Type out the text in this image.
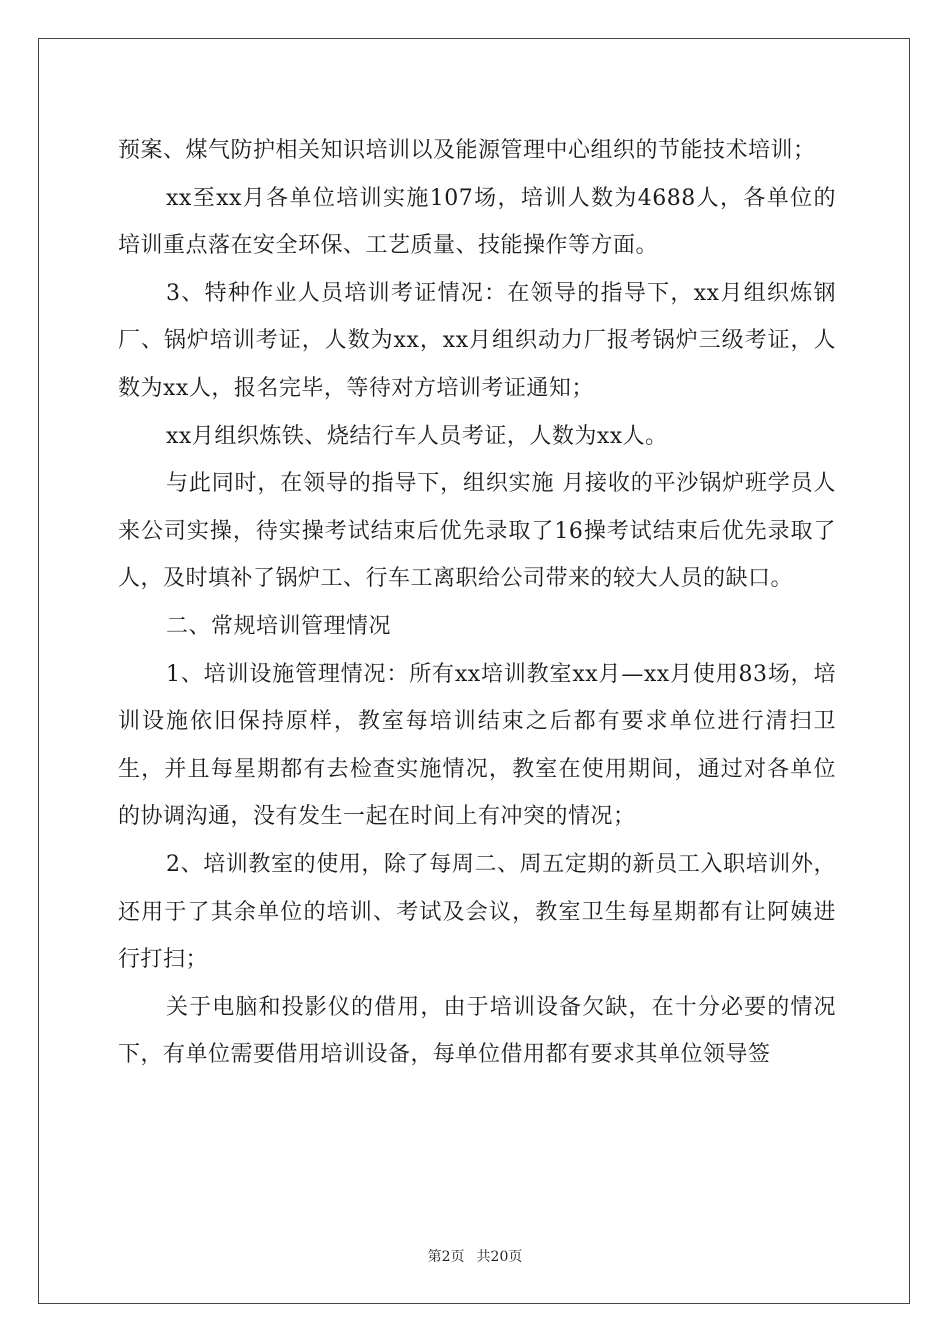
预案、煤气防护相关知识培训以及能源管理中心组织的节能技术培训；

xx至xx月各单位培训实施107场，培训人数为4688人，各单位的培训重点落在安全环保、工艺质量、技能操作等方面。

3、特种作业人员培训考证情况：在领导的指导下，xx月组织炼钢厂、锅炉培训考证，人数为xx，xx月组织动力厂报考锅炉三级考证，人数为xx人，报名完毕，等待对方培训考证通知；

xx月组织炼铁、烧结行车人员考证，人数为xx人。

与此同时，在领导的指导下，组织实施 月接收的平沙锅炉班学员人来公司实操，待实操考试结束后优先录取了16操考试结束后优先录取了人，及时填补了锅炉工、行车工离职给公司带来的较大人员的缺口。

二、常规培训管理情况

1、培训设施管理情况：所有xx培训教室xx月—xx月使用83场，培训设施依旧保持原样，教室每培训结束之后都有要求单位进行清扫卫生，并且每星期都有去检查实施情况，教室在使用期间，通过对各单位的协调沟通，没有发生一起在时间上有冲突的情况；

2、培训教室的使用，除了每周二、周五定期的新员工入职培训外，还用于了其余单位的培训、考试及会议，教室卫生每星期都有让阿姨进行打扫；

关于电脑和投影仪的借用，由于培训设备欠缺，在十分必要的情况下，有单位需要借用培训设备，每单位借用都有要求其单位领导签

第2页 共20页
